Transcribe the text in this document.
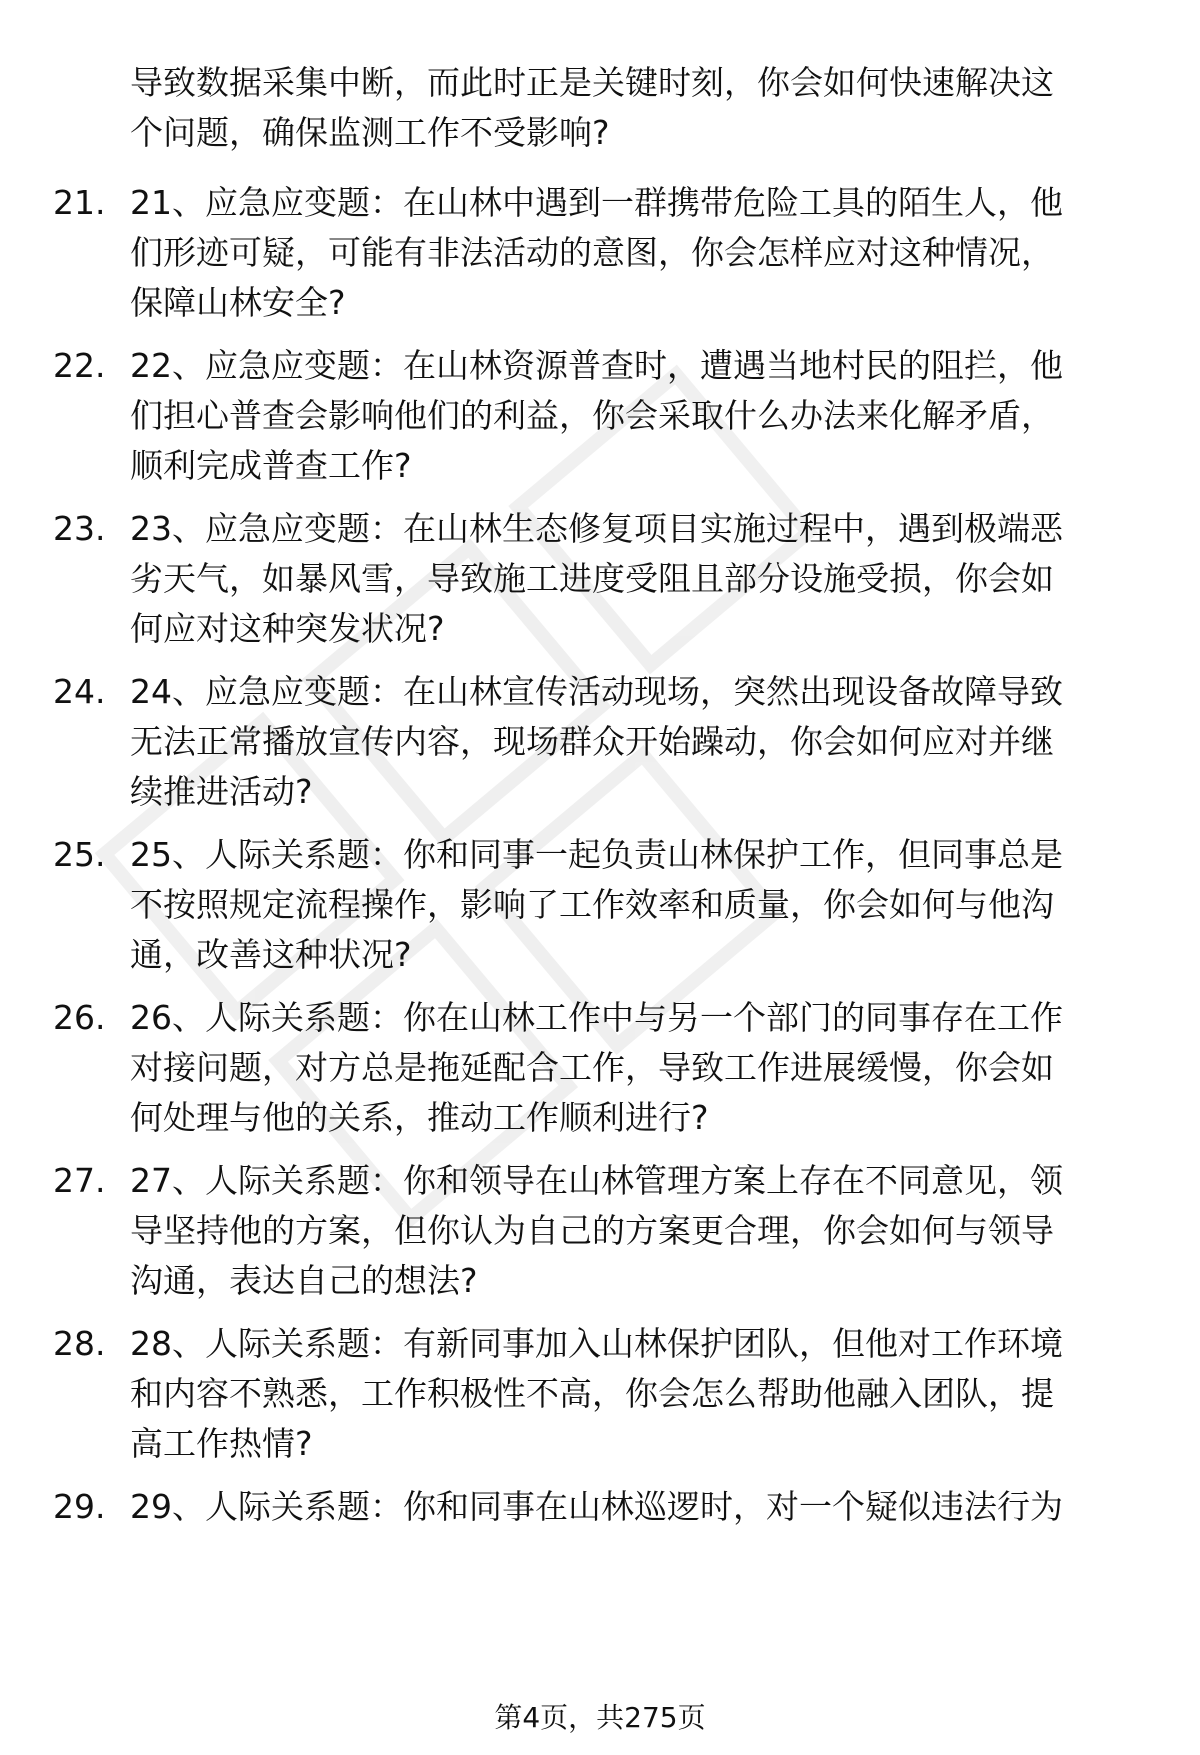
导致数据采集中断，而此时正是关键时刻，你会如何快速解决这
个问题，确保监测工作不受影响?
21. 21、应急应变题：在山林中遇到一群携带危险工具的陌生人，他
们形迹可疑，可能有非法活动的意图，你会怎样应对这种情况，
保障山林安全?
22. 22、应急应变题：在山林资源普查时，遭遇当地村民的阻拦，他
们担心普查会影响他们的利益，你会采取什么办法来化解矛盾，
顺利完成普查工作?
23. 23、应急应变题：在山林生态修复项目实施过程中，遇到极端恶
劣天气，如暴风雪，导致施工进度受阻且部分设施受损，你会如
何应对这种突发状况?
24. 24、应急应变题：在山林宣传活动现场，突然出现设备故障导致
无法正常播放宣传内容，现场群众开始躁动，你会如何应对并继
续推进活动?
25. 25、人际关系题：你和同事一起负责山林保护工作，但同事总是
不按照规定流程操作，影响了工作效率和质量，你会如何与他沟
通，改善这种状况?
26. 26、人际关系题：你在山林工作中与另一个部门的同事存在工作
对接问题，对方总是拖延配合工作，导致工作进展缓慢，你会如
何处理与他的关系，推动工作顺利进行?
27. 27、人际关系题：你和领导在山林管理方案上存在不同意见，领
导坚持他的方案，但你认为自己的方案更合理，你会如何与领导
沟通，表达自己的想法?
28. 28、人际关系题：有新同事加入山林保护团队，但他对工作环境
和内容不熟悉，工作积极性不高，你会怎么帮助他融入团队，提
高工作热情?
29. 29、人际关系题：你和同事在山林巡逻时，对一个疑似违法行为
第4页，共275页
